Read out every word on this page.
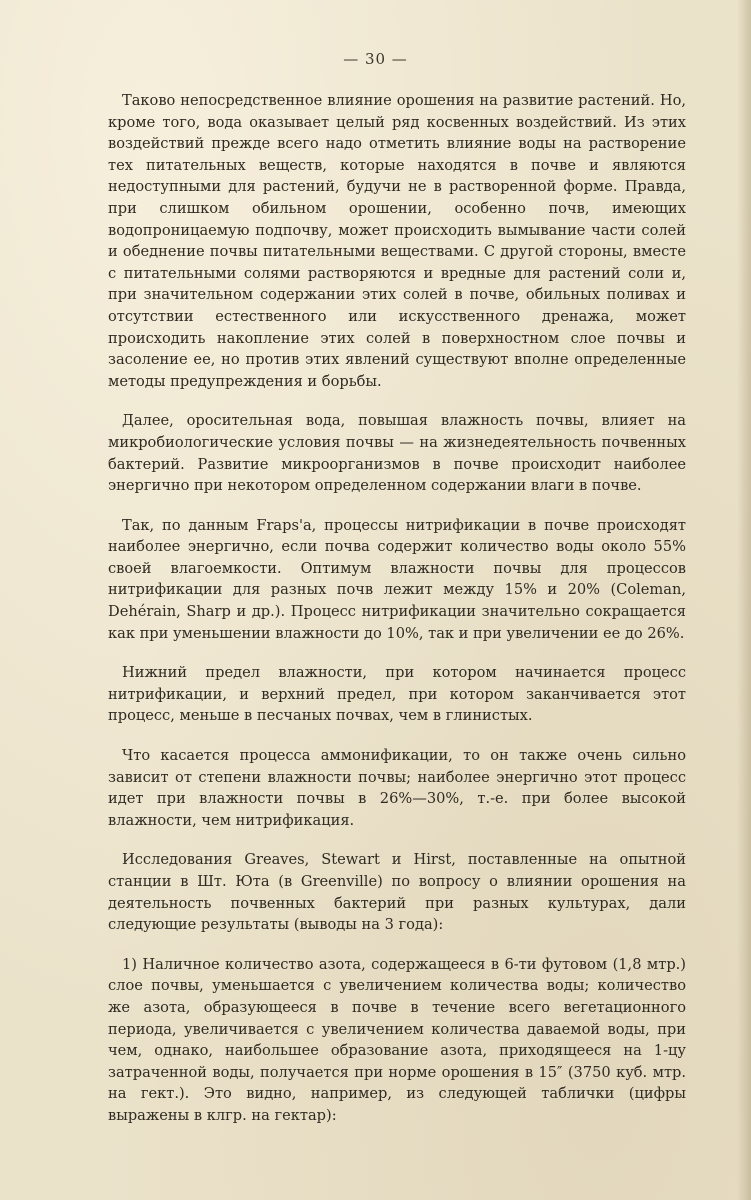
— 30 —

Таково непосредственное влияние орошения на развитие растений. Но, кроме того, вода оказывает целый ряд косвенных воздействий. Из этих воздействий прежде всего надо отметить влияние воды на растворение тех питательных веществ, которые находятся в почве и являются недоступными для растений, будучи не в растворенной форме. Правда, при слишком обильном орошении, особенно почв, имеющих водопроницаемую подпочву, может происходить вымывание части солей и обеднение почвы питательными веществами. С другой стороны, вместе с питательными солями растворяются и вредные для растений соли и, при значительном содержании этих солей в почве, обильных поливах и отсутствии естественного или искусственного дренажа, может происходить накопление этих солей в поверхностном слое почвы и засоление ее, но против этих явлений существуют вполне определенные методы предупреждения и борьбы.

Далее, оросительная вода, повышая влажность почвы, влияет на микробиологические условия почвы — на жизнедеятельность почвенных бактерий. Развитие микроорганизмов в почве происходит наиболее энергично при некотором определенном содержании влаги в почве.

Так, по данным Fraps'а, процессы нитрификации в почве происходят наиболее энергично, если почва содержит количество воды около 55% своей влагоемкости. Оптимум влажности почвы для процессов нитрификации для разных почв лежит между 15% и 20% (Coleman, Dehérain, Sharp и др.). Процесс нитрификации значительно сокращается как при уменьшении влажности до 10%, так и при увеличении ее до 26%.

Нижний предел влажности, при котором начинается процесс нитрификации, и верхний предел, при котором заканчивается этот процесс, меньше в песчаных почвах, чем в глинистых.

Что касается процесса аммонификации, то он также очень сильно зависит от степени влажности почвы; наиболее энергично этот процесс идет при влажности почвы в 26%—30%, т.-е. при более высокой влажности, чем нитрификация.

Исследования Greaves, Stewart и Hirst, поставленные на опытной станции в Шт. Юта (в Greenville) по вопросу о влиянии орошения на деятельность почвенных бактерий при разных культурах, дали следующие результаты (выводы на 3 года):

1) Наличное количество азота, содержащееся в 6-ти футовом (1,8 мтр.) слое почвы, уменьшается с увеличением количества воды; количество же азота, образующееся в почве в течение всего вегетационного периода, увеличивается с увеличением количества даваемой воды, при чем, однако, наибольшее образование азота, приходящееся на 1-цу затраченной воды, получается при норме орошения в 15″ (3750 куб. мтр. на гект.). Это видно, например, из следующей таблички (цифры выражены в клгр. на гектар):
